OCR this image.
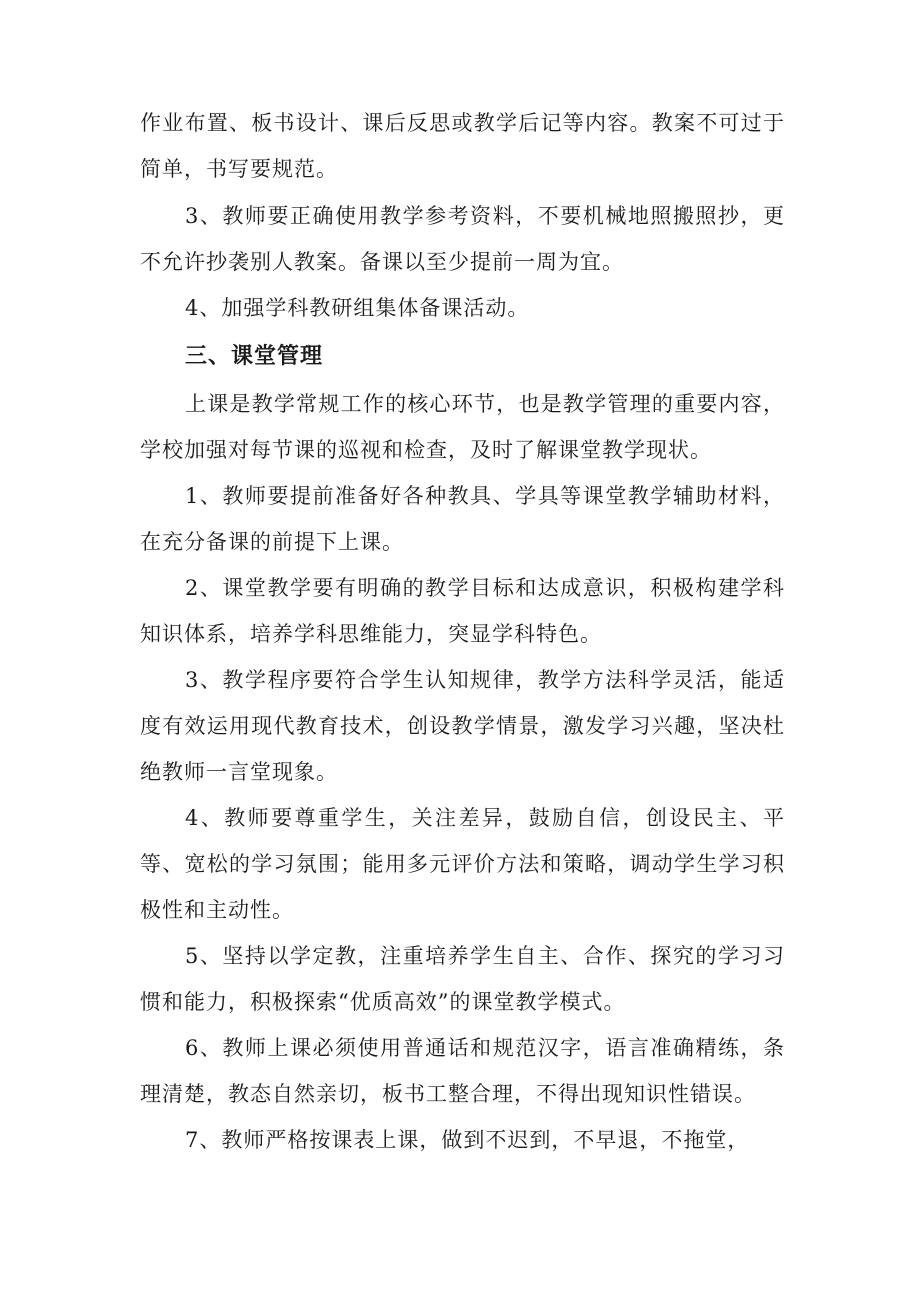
作业布置、板书设计、课后反思或教学后记等内容。教案不可过于简单，书写要规范。

3、教师要正确使用教学参考资料，不要机械地照搬照抄，更不允许抄袭别人教案。备课以至少提前一周为宜。

4、加强学科教研组集体备课活动。

三、课堂管理

上课是教学常规工作的核心环节，也是教学管理的重要内容，学校加强对每节课的巡视和检查，及时了解课堂教学现状。

1、教师要提前准备好各种教具、学具等课堂教学辅助材料，在充分备课的前提下上课。

2、课堂教学要有明确的教学目标和达成意识，积极构建学科知识体系，培养学科思维能力，突显学科特色。

3、教学程序要符合学生认知规律，教学方法科学灵活，能适度有效运用现代教育技术，创设教学情景，激发学习兴趣，坚决杜绝教师一言堂现象。

4、教师要尊重学生，关注差异，鼓励自信，创设民主、平等、宽松的学习氛围；能用多元评价方法和策略，调动学生学习积极性和主动性。

5、坚持以学定教，注重培养学生自主、合作、探究的学习习惯和能力，积极探索“优质高效”的课堂教学模式。

6、教师上课必须使用普通话和规范汉字，语言准确精练，条理清楚，教态自然亲切，板书工整合理，不得出现知识性错误。

7、教师严格按课表上课，做到不迟到，不早退，不拖堂，
